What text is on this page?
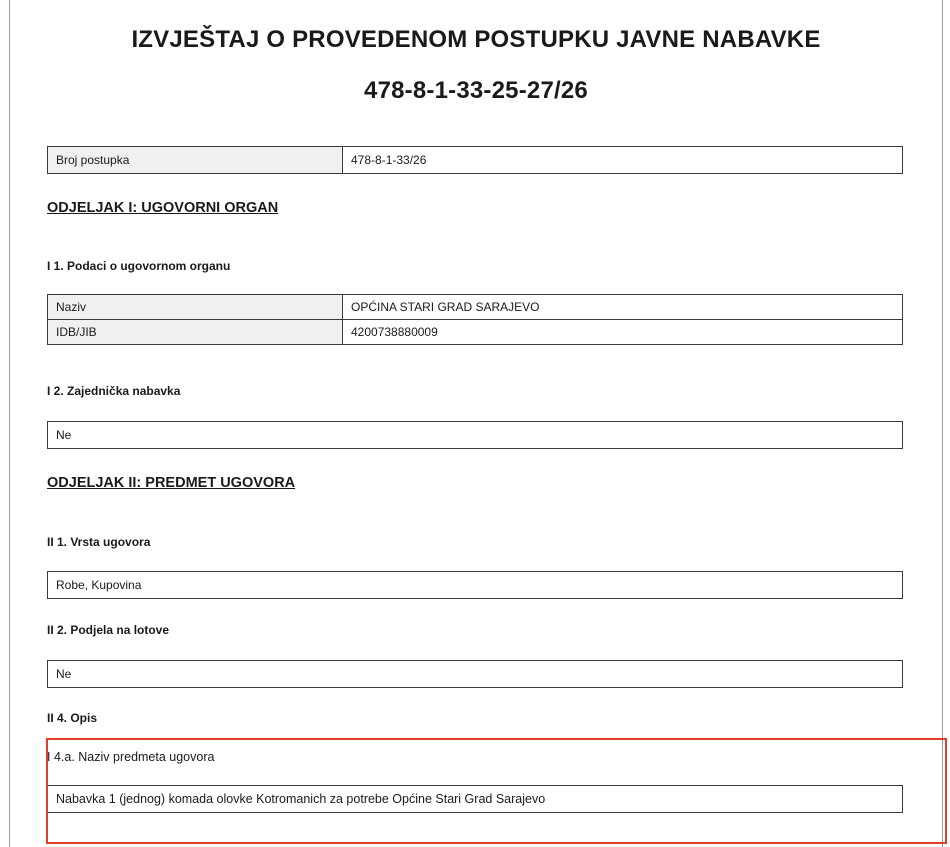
IZVJEŠTAJ O PROVEDENOM POSTUPKU JAVNE NABAVKE
478-8-1-33-25-27/26
Broj postupka	478-8-1-33/26
ODJELJAK I: UGOVORNI ORGAN
I 1. Podaci o ugovornom organu
Naziv	OPĆINA STARI GRAD SARAJEVO
IDB/JIB	4200738880009
I 2. Zajednička nabavka
Ne
ODJELJAK II: PREDMET UGOVORA
II 1. Vrsta ugovora
Robe, Kupovina
II 2. Podjela na lotove
Ne
II 4. Opis
I 4.a. Naziv predmeta ugovora
Nabavka 1 (jednog) komada olovke Kotromanich za potrebe Općine Stari Grad Sarajevo
